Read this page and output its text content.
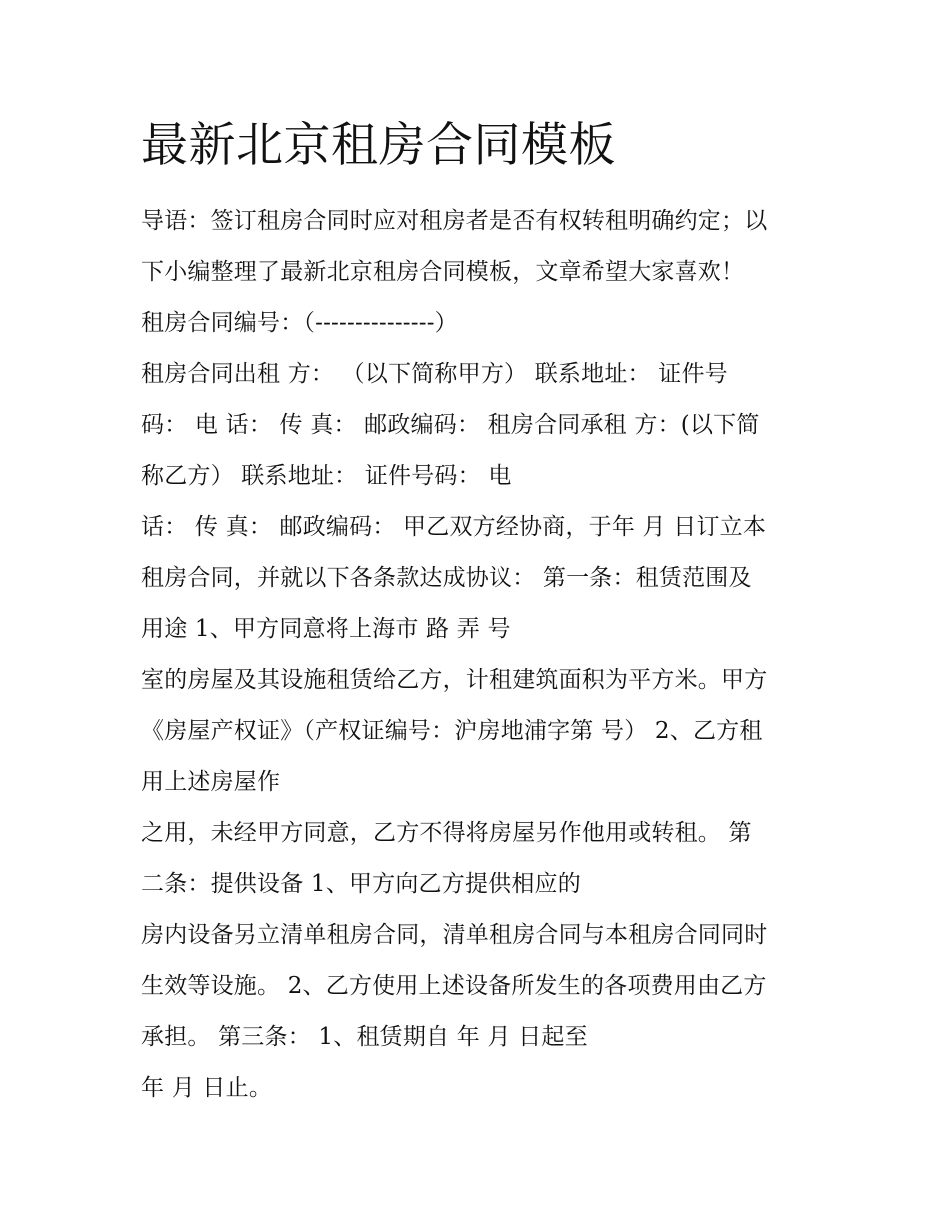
最新北京租房合同模板
导语：签订租房合同时应对租房者是否有权转租明确约定；以
下小编整理了最新北京租房合同模板，文章希望大家喜欢！
租房合同编号：（---------------）
租房合同出租 方： （以下简称甲方） 联系地址： 证件号
码： 电 话： 传 真： 邮政编码： 租房合同承租 方：(以下简
称乙方） 联系地址： 证件号码： 电
话： 传 真： 邮政编码： 甲乙双方经协商，于年 月 日订立本
租房合同，并就以下各条款达成协议： 第一条：租赁范围及
用途 1、甲方同意将上海市 路 弄 号
室的房屋及其设施租赁给乙方，计租建筑面积为平方米。甲方
《房屋产权证》（产权证编号：沪房地浦字第 号） 2、乙方租
用上述房屋作
之用，未经甲方同意，乙方不得将房屋另作他用或转租。 第
二条：提供设备 1、甲方向乙方提供相应的
房内设备另立清单租房合同，清单租房合同与本租房合同同时
生效等设施。 2、乙方使用上述设备所发生的各项费用由乙方
承担。 第三条： 1、租赁期自 年 月 日起至
年 月 日止。
